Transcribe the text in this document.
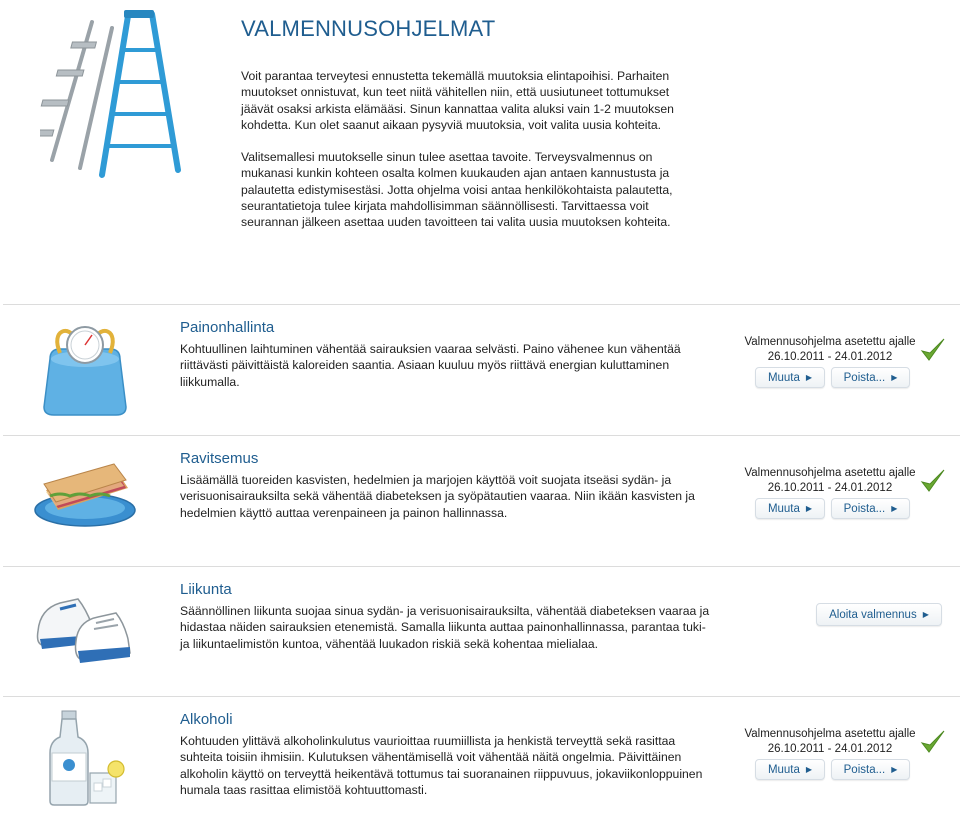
VALMENNUSOHJELMAT

Voit parantaa terveytesi ennustetta tekemällä muutoksia elintapoihisi. Parhaiten muutokset onnistuvat, kun teet niitä vähitellen niin, että uusiutuneet tottumukset jäävät osaksi arkista elämääsi. Sinun kannattaa valita aluksi vain 1-2 muutoksen kohdetta. Kun olet saanut aikaan pysyviä muutoksia, voit valita uusia kohteita.

Valitsemallesi muutokselle sinun tulee asettaa tavoite. Terveysvalmennus on mukanasi kunkin kohteen osalta kolmen kuukauden ajan antaen kannustusta ja palautetta edistymisestäsi. Jotta ohjelma voisi antaa henkilökohtaista palautetta, seurantatietoja tulee kirjata mahdollisimman säännöllisesti. Tarvittaessa voit seurannan jälkeen asettaa uuden tavoitteen tai valita uusia muutoksen kohteita.

Painonhallinta

Kohtuullinen laihtuminen vähentää sairauksien vaaraa selvästi. Paino vähenee kun vähentää riittävästi päivittäistä kaloreiden saantia. Asiaan kuuluu myös riittävä energian kuluttaminen liikkumalla.

Valmennusohjelma asetettu ajalle
26.10.2011 - 24.01.2012
Muuta ▶	Poista... ▶
Ravitsemus

Lisäämällä tuoreiden kasvisten, hedelmien ja marjojen käyttöä voit suojata itseäsi sydän- ja verisuonisairauksilta sekä vähentää diabeteksen ja syöpätautien vaaraa. Niin ikään kasvisten ja hedelmien käyttö auttaa verenpaineen ja painon hallinnassa.

Valmennusohjelma asetettu ajalle
26.10.2011 - 24.01.2012
Muuta ▶	Poista... ▶
Liikunta

Säännöllinen liikunta suojaa sinua sydän- ja verisuonisairauksilta, vähentää diabeteksen vaaraa ja hidastaa näiden sairauksien etenemistä. Samalla liikunta auttaa painonhallinnassa, parantaa tuki- ja liikuntaelimistön kuntoa, vähentää luukadon riskiä sekä kohentaa mielialaa.

Aloita valmennus ▶
Alkoholi

Kohtuuden ylittävä alkoholinkulutus vaurioittaa ruumiillista ja henkistä terveyttä sekä rasittaa suhteita toisiin ihmisiin. Kulutuksen vähentämisellä voit vähentää näitä ongelmia. Päivittäinen alkoholin käyttö on terveyttä heikentävä tottumus tai suoranainen riippuvuus, jokaviikonloppuinen humala taas rasittaa elimistöä kohtuuttomasti.

Valmennusohjelma asetettu ajalle
26.10.2011 - 24.01.2012
Muuta ▶	Poista... ▶
